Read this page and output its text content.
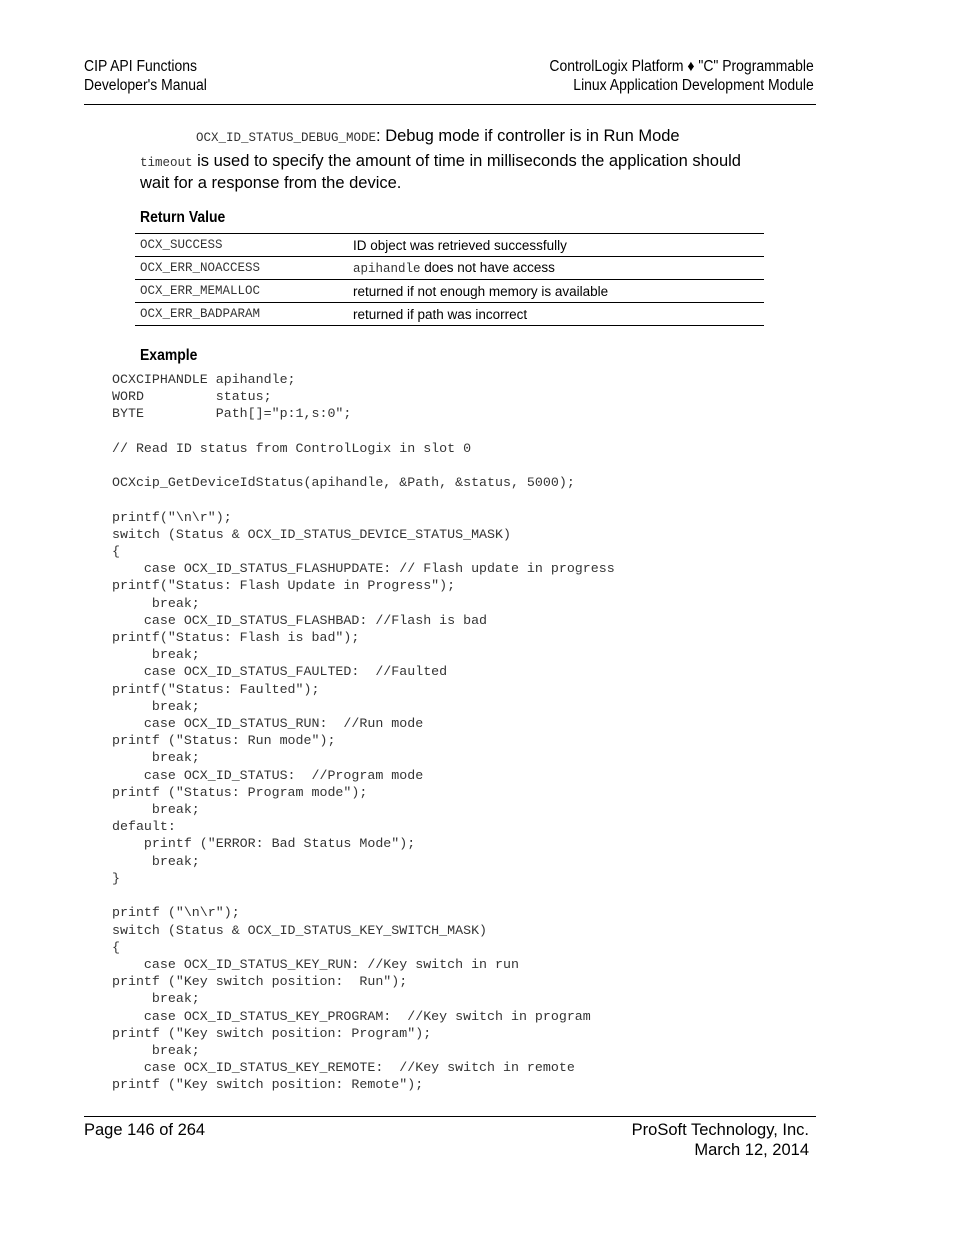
CIP API Functions
Developer's Manual
ControlLogix Platform ♦ "C" Programmable
Linux Application Development Module
OCX_ID_STATUS_DEBUG_MODE: Debug mode if controller is in Run Mode
timeout is used to specify the amount of time in milliseconds the application should wait for a response from the device.
Return Value
OCX_SUCCESS	ID object was retrieved successfully
OCX_ERR_NOACCESS	apihandle does not have access
OCX_ERR_MEMALLOC	returned if not enough memory is available
OCX_ERR_BADPARAM	returned if path was incorrect
Example
OCXCIPHANDLE apihandle;
WORD         status;
BYTE         Path[]="p:1,s:0";

// Read ID status from ControlLogix in slot 0

OCXcip_GetDeviceIdStatus(apihandle, &Path, &status, 5000);

printf("\n\r");
switch (Status & OCX_ID_STATUS_DEVICE_STATUS_MASK)
{
case OCX_ID_STATUS_FLASHUPDATE: // Flash update in progress
printf("Status: Flash Update in Progress");
break;
case OCX_ID_STATUS_FLASHBAD: //Flash is bad
printf("Status: Flash is bad");
break;
case OCX_ID_STATUS_FAULTED:  //Faulted
printf("Status: Faulted");
break;
case OCX_ID_STATUS_RUN:  //Run mode
printf ("Status: Run mode");
break;
case OCX_ID_STATUS:  //Program mode
printf ("Status: Program mode");
break;
default:
printf ("ERROR: Bad Status Mode");
break;
}

printf ("\n\r");
switch (Status & OCX_ID_STATUS_KEY_SWITCH_MASK)
{
case OCX_ID_STATUS_KEY_RUN: //Key switch in run
printf ("Key switch position:  Run");
break;
case OCX_ID_STATUS_KEY_PROGRAM:  //Key switch in program
printf ("Key switch position: Program");
break;
case OCX_ID_STATUS_KEY_REMOTE:  //Key switch in remote
printf ("Key switch position: Remote");
Page 146 of 264	ProSoft Technology, Inc.
March 12, 2014
